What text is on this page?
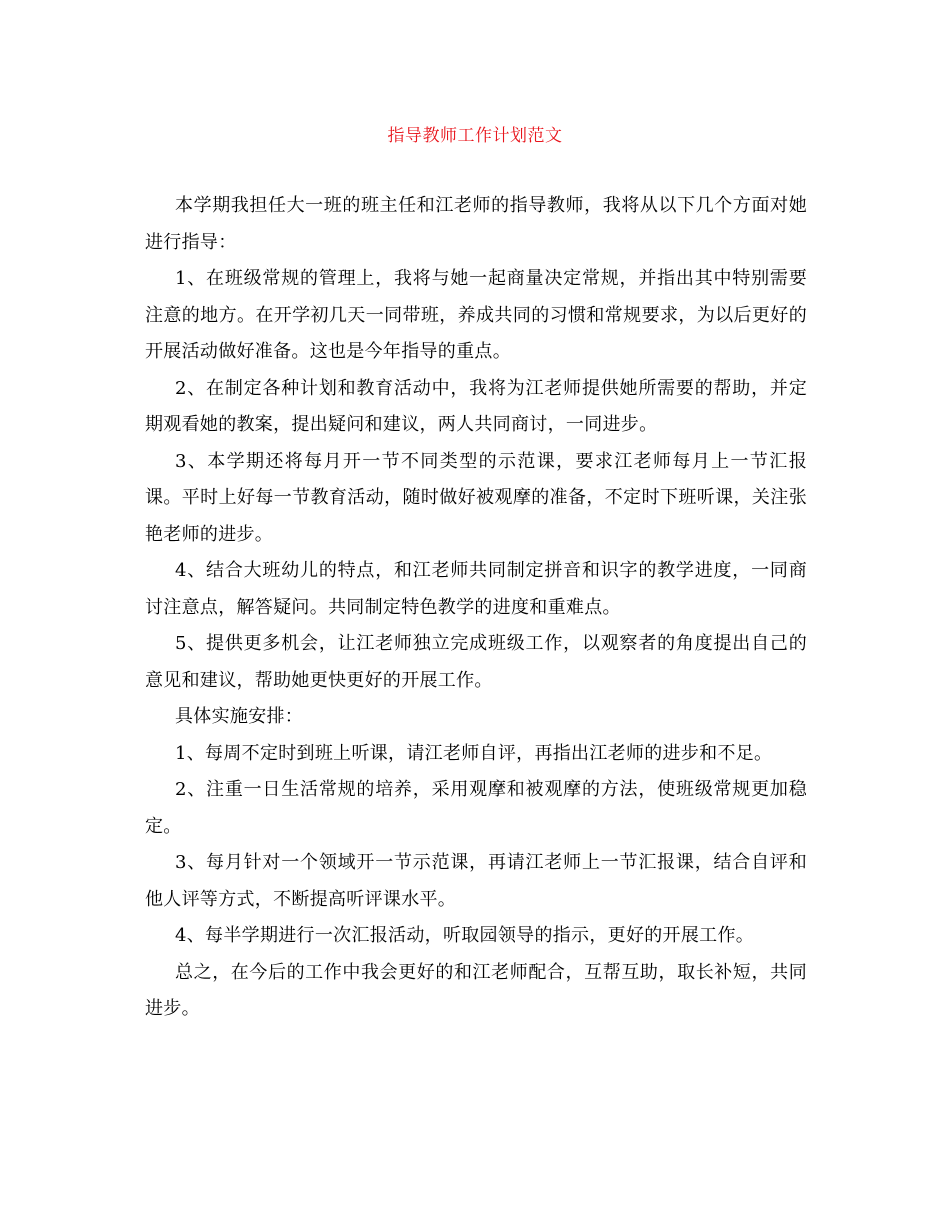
指导教师工作计划范文

本学期我担任大一班的班主任和江老师的指导教师，我将从以下几个方面对她进行指导：

1、在班级常规的管理上，我将与她一起商量决定常规，并指出其中特别需要注意的地方。在开学初几天一同带班，养成共同的习惯和常规要求，为以后更好的开展活动做好准备。这也是今年指导的重点。

2、在制定各种计划和教育活动中，我将为江老师提供她所需要的帮助，并定期观看她的教案，提出疑问和建议，两人共同商讨，一同进步。

3、本学期还将每月开一节不同类型的示范课，要求江老师每月上一节汇报课。平时上好每一节教育活动，随时做好被观摩的准备，不定时下班听课，关注张艳老师的进步。

4、结合大班幼儿的特点，和江老师共同制定拼音和识字的教学进度，一同商讨注意点，解答疑问。共同制定特色教学的进度和重难点。

5、提供更多机会，让江老师独立完成班级工作，以观察者的角度提出自己的意见和建议，帮助她更快更好的开展工作。

具体实施安排：

1、每周不定时到班上听课，请江老师自评，再指出江老师的进步和不足。

2、注重一日生活常规的培养，采用观摩和被观摩的方法，使班级常规更加稳定。

3、每月针对一个领域开一节示范课，再请江老师上一节汇报课，结合自评和他人评等方式，不断提高听评课水平。

4、每半学期进行一次汇报活动，听取园领导的指示，更好的开展工作。

总之，在今后的工作中我会更好的和江老师配合，互帮互助，取长补短，共同进步。
